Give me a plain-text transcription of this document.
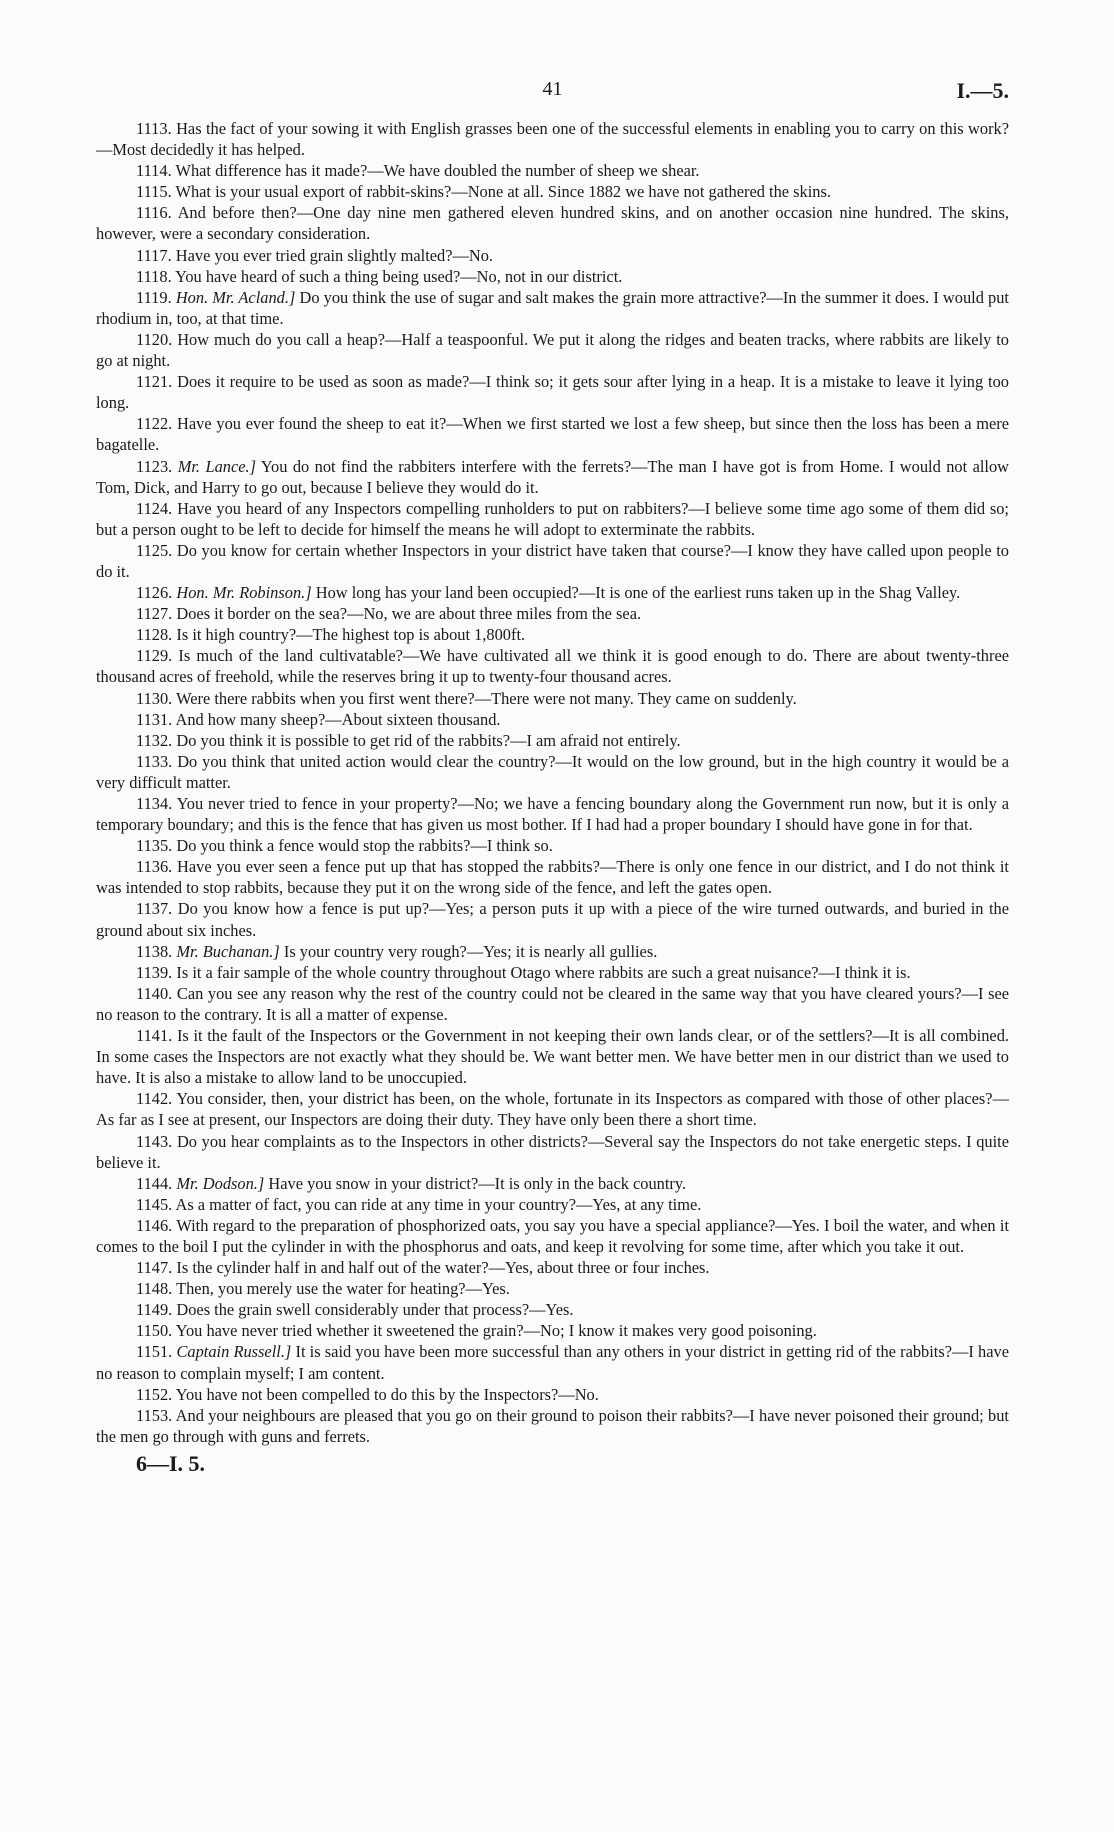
41	I.—5.

1113. Has the fact of your sowing it with English grasses been one of the successful elements in enabling you to carry on this work?—Most decidedly it has helped.

1114. What difference has it made?—We have doubled the number of sheep we shear.

1115. What is your usual export of rabbit-skins?—None at all. Since 1882 we have not gathered the skins.

1116. And before then?—One day nine men gathered eleven hundred skins, and on another occasion nine hundred. The skins, however, were a secondary consideration.

1117. Have you ever tried grain slightly malted?—No.

1118. You have heard of such a thing being used?—No, not in our district.

1119. Hon. Mr. Acland.] Do you think the use of sugar and salt makes the grain more attractive?—In the summer it does. I would put rhodium in, too, at that time.

1120. How much do you call a heap?—Half a teaspoonful. We put it along the ridges and beaten tracks, where rabbits are likely to go at night.

1121. Does it require to be used as soon as made?—I think so; it gets sour after lying in a heap. It is a mistake to leave it lying too long.

1122. Have you ever found the sheep to eat it?—When we first started we lost a few sheep, but since then the loss has been a mere bagatelle.

1123. Mr. Lance.] You do not find the rabbiters interfere with the ferrets?—The man I have got is from Home. I would not allow Tom, Dick, and Harry to go out, because I believe they would do it.

1124. Have you heard of any Inspectors compelling runholders to put on rabbiters?—I believe some time ago some of them did so; but a person ought to be left to decide for himself the means he will adopt to exterminate the rabbits.

1125. Do you know for certain whether Inspectors in your district have taken that course?—I know they have called upon people to do it.

1126. Hon. Mr. Robinson.] How long has your land been occupied?—It is one of the earliest runs taken up in the Shag Valley.

1127. Does it border on the sea?—No, we are about three miles from the sea.

1128. Is it high country?—The highest top is about 1,800ft.

1129. Is much of the land cultivatable?—We have cultivated all we think it is good enough to do. There are about twenty-three thousand acres of freehold, while the reserves bring it up to twenty-four thousand acres.

1130. Were there rabbits when you first went there?—There were not many. They came on suddenly.

1131. And how many sheep?—About sixteen thousand.

1132. Do you think it is possible to get rid of the rabbits?—I am afraid not entirely.

1133. Do you think that united action would clear the country?—It would on the low ground, but in the high country it would be a very difficult matter.

1134. You never tried to fence in your property?—No; we have a fencing boundary along the Government run now, but it is only a temporary boundary; and this is the fence that has given us most bother. If I had had a proper boundary I should have gone in for that.

1135. Do you think a fence would stop the rabbits?—I think so.

1136. Have you ever seen a fence put up that has stopped the rabbits?—There is only one fence in our district, and I do not think it was intended to stop rabbits, because they put it on the wrong side of the fence, and left the gates open.

1137. Do you know how a fence is put up?—Yes; a person puts it up with a piece of the wire turned outwards, and buried in the ground about six inches.

1138. Mr. Buchanan.] Is your country very rough?—Yes; it is nearly all gullies.

1139. Is it a fair sample of the whole country throughout Otago where rabbits are such a great nuisance?—I think it is.

1140. Can you see any reason why the rest of the country could not be cleared in the same way that you have cleared yours?—I see no reason to the contrary. It is all a matter of expense.

1141. Is it the fault of the Inspectors or the Government in not keeping their own lands clear, or of the settlers?—It is all combined. In some cases the Inspectors are not exactly what they should be. We want better men. We have better men in our district than we used to have. It is also a mistake to allow land to be unoccupied.

1142. You consider, then, your district has been, on the whole, fortunate in its Inspectors as compared with those of other places?—As far as I see at present, our Inspectors are doing their duty. They have only been there a short time.

1143. Do you hear complaints as to the Inspectors in other districts?—Several say the Inspectors do not take energetic steps. I quite believe it.

1144. Mr. Dodson.] Have you snow in your district?—It is only in the back country.

1145. As a matter of fact, you can ride at any time in your country?—Yes, at any time.

1146. With regard to the preparation of phosphorized oats, you say you have a special appliance?—Yes. I boil the water, and when it comes to the boil I put the cylinder in with the phosphorus and oats, and keep it revolving for some time, after which you take it out.

1147. Is the cylinder half in and half out of the water?—Yes, about three or four inches.

1148. Then, you merely use the water for heating?—Yes.

1149. Does the grain swell considerably under that process?—Yes.

1150. You have never tried whether it sweetened the grain?—No; I know it makes very good poisoning.

1151. Captain Russell.] It is said you have been more successful than any others in your district in getting rid of the rabbits?—I have no reason to complain myself; I am content.

1152. You have not been compelled to do this by the Inspectors?—No.

1153. And your neighbours are pleased that you go on their ground to poison their rabbits?—I have never poisoned their ground; but the men go through with guns and ferrets.

6—I. 5.
